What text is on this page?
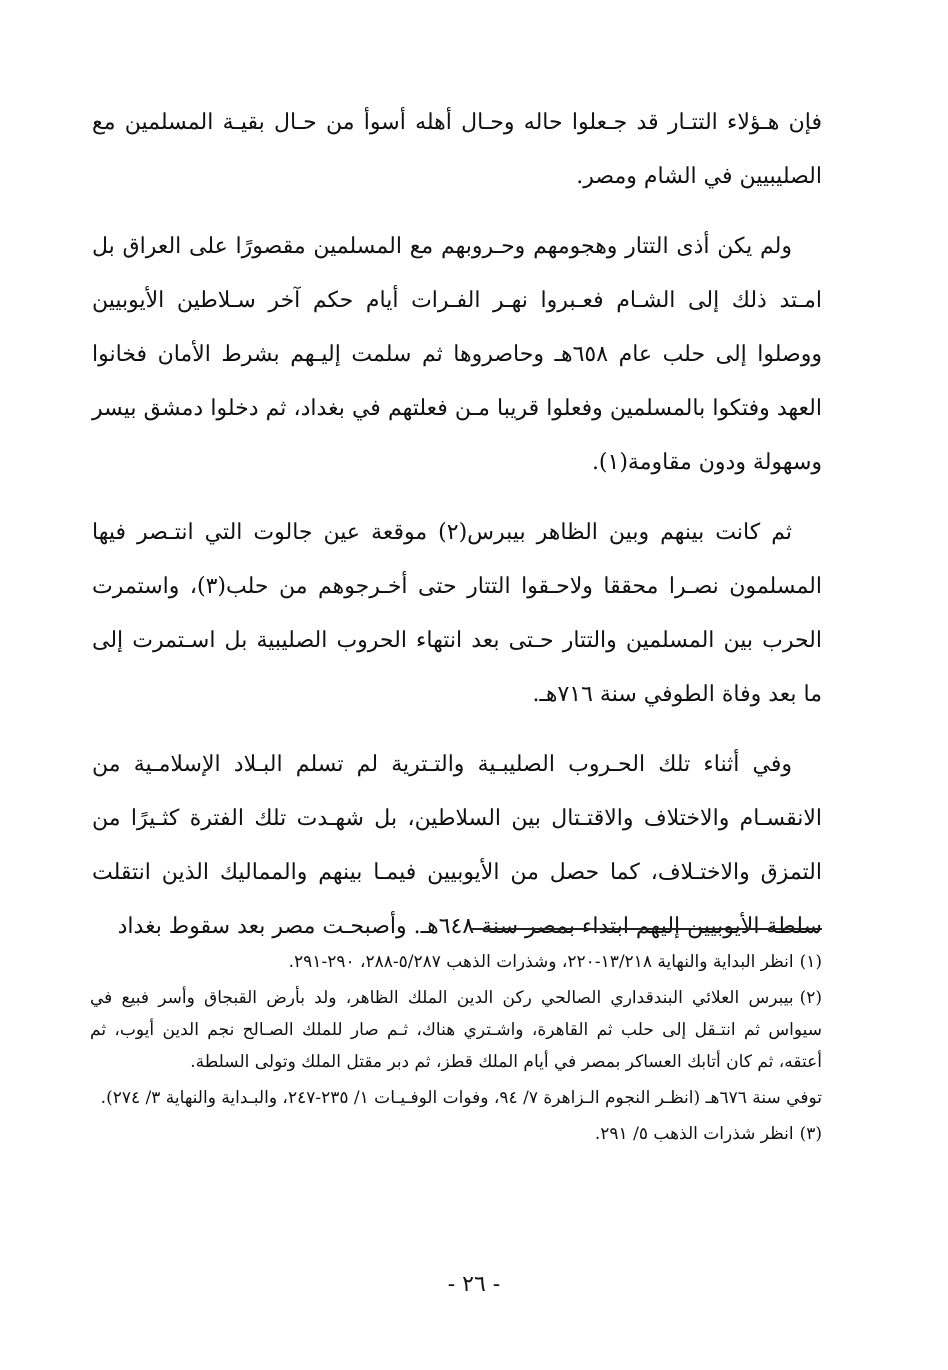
فإن هـؤلاء التتـار قد جـعلوا حاله وحـال أهله أسوأ من حـال بقيـة المسلمين مع الصليبيين في الشام ومصر.

ولم يكن أذى التتار وهجومهم وحـروبهم مع المسلمين مقصورًا على العراق بل امـتد ذلك إلى الشـام فعـبروا نهـر الفـرات أيام حكم آخر سـلاطين الأيوبيين ووصلوا إلى حلب عام ٦٥٨هـ وحاصروها ثم سلمت إليـهم بشرط الأمان فخانوا العهد وفتكوا بالمسلمين وفعلوا قريبا مـن فعلتهم في بغداد، ثم دخلوا دمشق بيسر وسهولة ودون مقاومة(١).

ثم كانت بينهم وبين الظاهر بيبرس(٢) موقعة عين جالوت التي انتـصر فيها المسلمون نصـرا محققا ولاحـقوا التتار حتى أخـرجوهم من حلب(٣)، واستمرت الحرب بين المسلمين والتتار حـتى بعد انتهاء الحروب الصليبية بل اسـتمرت إلى ما بعد وفاة الطوفي سنة ٧١٦هـ.

وفي أثناء تلك الحـروب الصليبـية والتـترية لم تسلم البـلاد الإسلامـية من الانقسـام والاختلاف والاقتـتال بين السلاطين، بل شهـدت تلك الفترة كثـيرًا من التمزق والاختـلاف، كما حصل من الأيوبيين فيمـا بينهم والمماليك الذين انتقلت سلطة الأيوبيين إليهم ابتداء بمصر سنة ٦٤٨هـ. وأصبحـت مصر بعد سقوط بغداد

(١)انظر البداية والنهاية ١٣/٢١٨-٢٢٠، وشذرات الذهب ٥/٢٨٧-٢٨٨، ٢٩٠-٢٩١.

(٢)بيبرس العلائي البندقداري الصالحي ركن الدين الملك الظاهر، ولد بأرض القبجاق وأسر فبيع في سيواس ثم انتـقل إلى حلب ثم القاهرة، واشـتري هناك، ثـم صار للملك الصـالح نجم الدين أيوب، ثم أعتقه، ثم كان أتابك العساكر بمصر في أيام الملك قطز، ثم دبر مقتل الملك وتولى السلطة.

توفي سنة ٦٧٦هـ (انظـر النجوم الـزاهرة ٧/ ٩٤، وفوات الوفـيـات ١/ ٢٣٥-٢٤٧، والبـداية والنهاية ٣/ ٢٧٤).

(٣)انظر شذرات الذهب ٥/ ٢٩١.

- ٢٦ -
